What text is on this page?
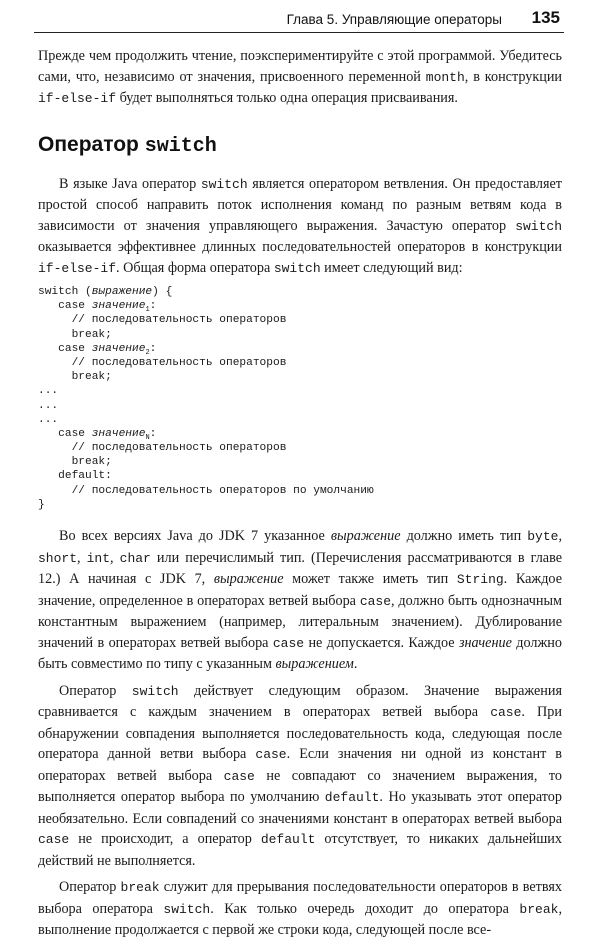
Глава 5. Управляющие операторы 135

Прежде чем продолжить чтение, поэкспериментируйте с этой программой. Убедитесь сами, что, независимо от значения, присвоенного переменной month, в конструкции if-else-if будет выполняться только одна операция присваивания.

Оператор switch

В языке Java оператор switch является оператором ветвления. Он предоставляет простой способ направить поток исполнения команд по разным ветвям кода в зависимости от значения управляющего выражения. Зачастую оператор switch оказывается эффективнее длинных последовательностей операторов в конструкции if-else-if. Общая форма оператора switch имеет следующий вид:

switch (выражение) {
case значение$_1$:
// последовательность операторов
break;
case значение$_2$:
// последовательность операторов
break;
...
...
...
case значение$_N$:
// последовательность операторов
break;
default:
// последовательность операторов по умолчанию
}

Во всех версиях Java до JDK 7 указанное выражение должно иметь тип byte, short, int, char или перечислимый тип. (Перечисления рассматриваются в главе 12.) А начиная с JDK 7, выражение может также иметь тип String. Каждое значение, определенное в операторах ветвей выбора case, должно быть однозначным константным выражением (например, литеральным значением). Дублирование значений в операторах ветвей выбора case не допускается. Каждое значение должно быть совместимо по типу с указанным выражением.

Оператор switch действует следующим образом. Значение выражения сравнивается с каждым значением в операторах ветвей выбора case. При обнаружении совпадения выполняется последовательность кода, следующая после оператора данной ветви выбора case. Если значения ни одной из констант в операторах ветвей выбора case не совпадают со значением выражения, то выполняется оператор выбора по умолчанию default. Но указывать этот оператор необязательно. Если совпадений со значениями констант в операторах ветвей выбора case не происходит, а оператор default отсутствует, то никаких дальнейших действий не выполняется.

Оператор break служит для прерывания последовательности операторов в ветвях выбора оператора switch. Как только очередь доходит до оператора break, выполнение продолжается с первой же строки кода, следующей после все-
